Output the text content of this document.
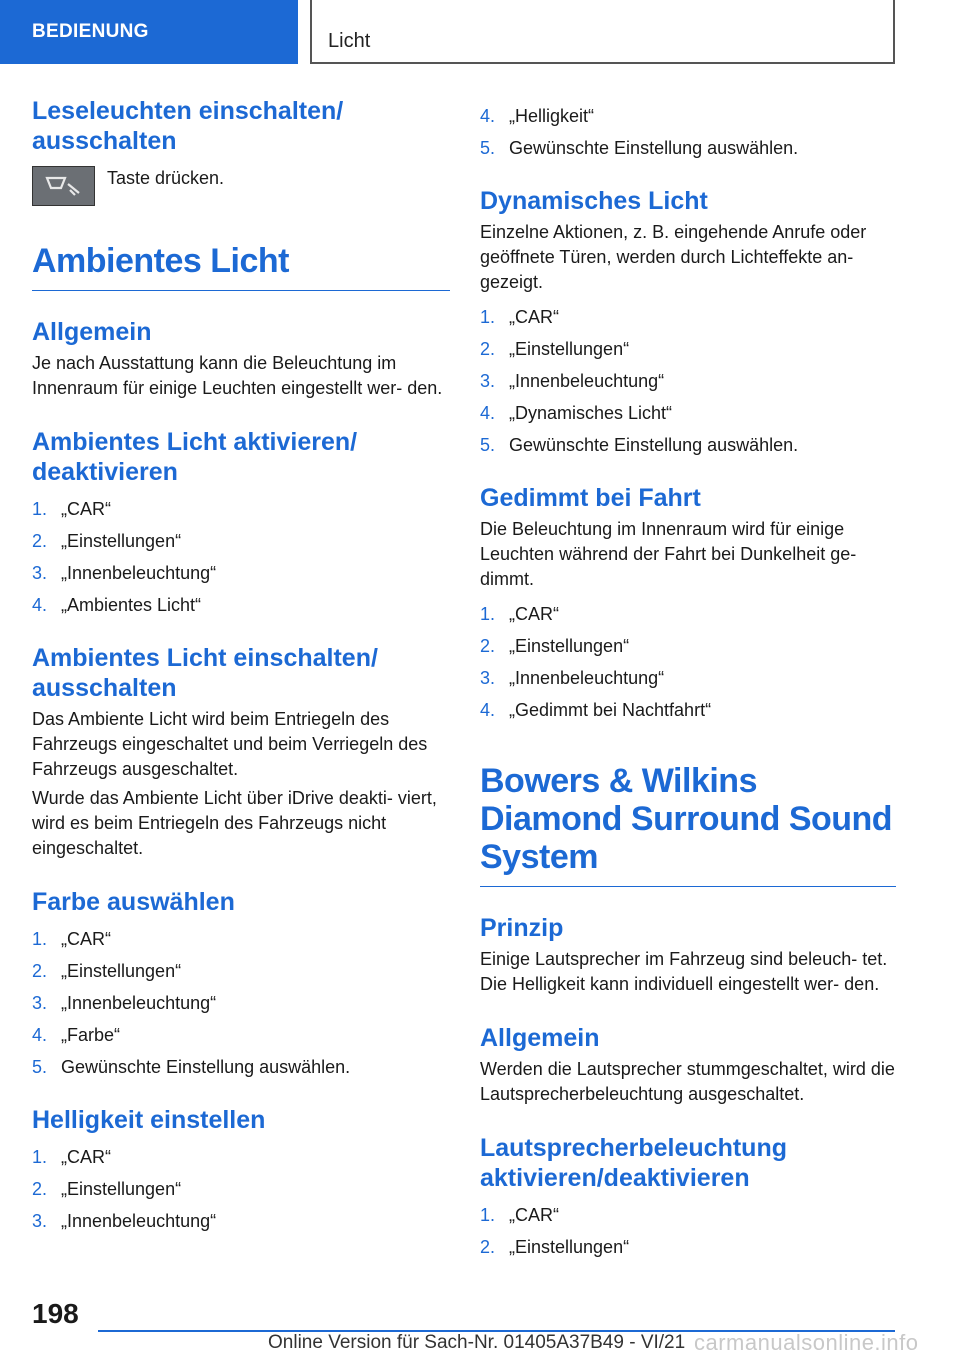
BEDIENUNG	Licht
Leseleuchten einschalten/ ausschalten

Taste drücken.

Ambientes Licht
Allgemein

Je nach Ausstattung kann die Beleuchtung im Innenraum für einige Leuchten eingestellt wer‐ den.

Ambientes Licht aktivieren/ deaktivieren
1. „CAR“
2. „Einstellungen“
3. „Innenbeleuchtung“
4. „Ambientes Licht“
Ambientes Licht einschalten/ ausschalten

Das Ambiente Licht wird beim Entriegeln des Fahrzeugs eingeschaltet und beim Verriegeln des Fahrzeugs ausgeschaltet.

Wurde das Ambiente Licht über iDrive deakti‐ viert, wird es beim Entriegeln des Fahrzeugs nicht eingeschaltet.

Farbe auswählen
1. „CAR“
2. „Einstellungen“
3. „Innenbeleuchtung“
4. „Farbe“
5. Gewünschte Einstellung auswählen.
Helligkeit einstellen
1. „CAR“
2. „Einstellungen“
3. „Innenbeleuchtung“
4. „Helligkeit“
5. Gewünschte Einstellung auswählen.
Dynamisches Licht

Einzelne Aktionen, z. B. eingehende Anrufe oder geöffnete Türen, werden durch Lichteffekte an‐ gezeigt.

1. „CAR“
2. „Einstellungen“
3. „Innenbeleuchtung“
4. „Dynamisches Licht“
5. Gewünschte Einstellung auswählen.
Gedimmt bei Fahrt

Die Beleuchtung im Innenraum wird für einige Leuchten während der Fahrt bei Dunkelheit ge‐ dimmt.

1. „CAR“
2. „Einstellungen“
3. „Innenbeleuchtung“
4. „Gedimmt bei Nachtfahrt“
Bowers & Wilkins Diamond Surround Sound System
Prinzip

Einige Lautsprecher im Fahrzeug sind beleuch‐ tet. Die Helligkeit kann individuell eingestellt wer‐ den.

Allgemein

Werden die Lautsprecher stummgeschaltet, wird die Lautsprecherbeleuchtung ausgeschaltet.

Lautsprecherbeleuchtung aktivieren/deaktivieren
1. „CAR“
2. „Einstellungen“
198
Online Version für Sach-Nr. 01405A37B49 - VI/21 carmanualsonline.info
